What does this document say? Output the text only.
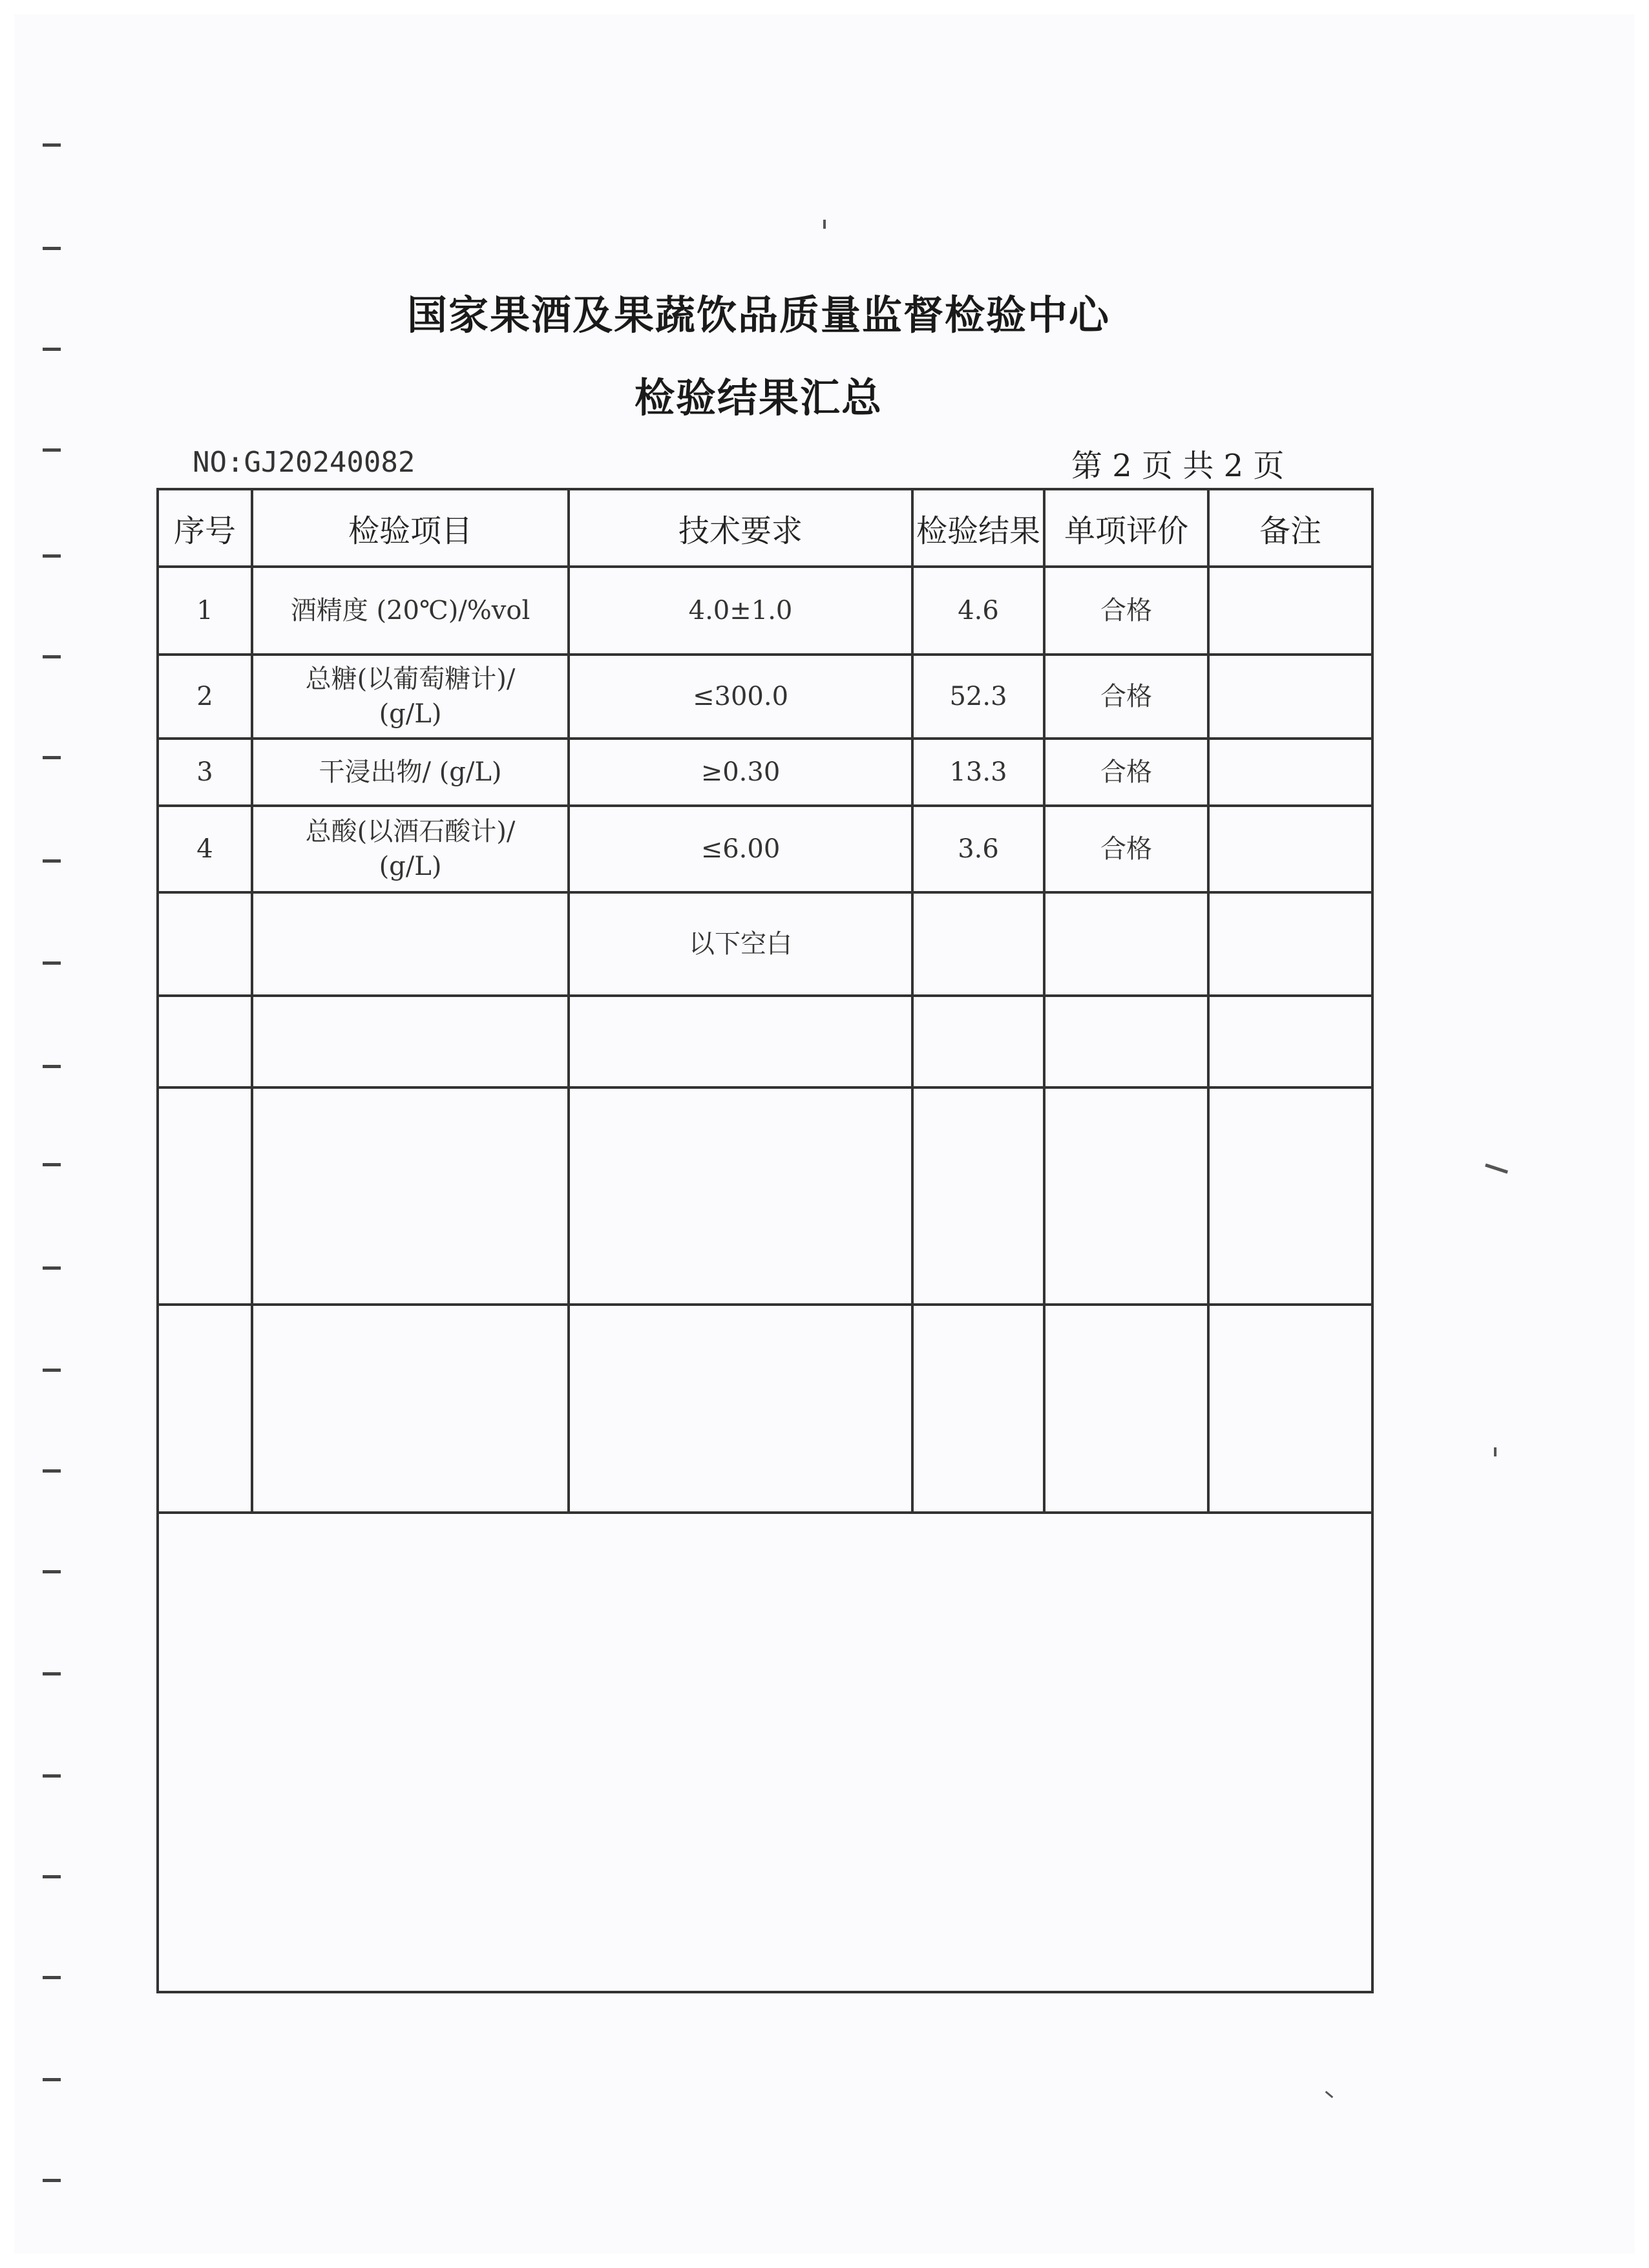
国家果酒及果蔬饮品质量监督检验中心
检验结果汇总
NO:GJ20240082	第 2 页 共 2 页
序号	检验项目	技术要求	检验结果	单项评价	备注
1	酒精度 (20℃)/%vol	4.0±1.0	4.6	合格	
2	总糖(以葡萄糖计)/
(g/L)	≤300.0	52.3	合格	
3	干浸出物/ (g/L)	≥0.30	13.3	合格	
4	总酸(以酒石酸计)/
(g/L)	≤6.00	3.6	合格	
		以下空白			
